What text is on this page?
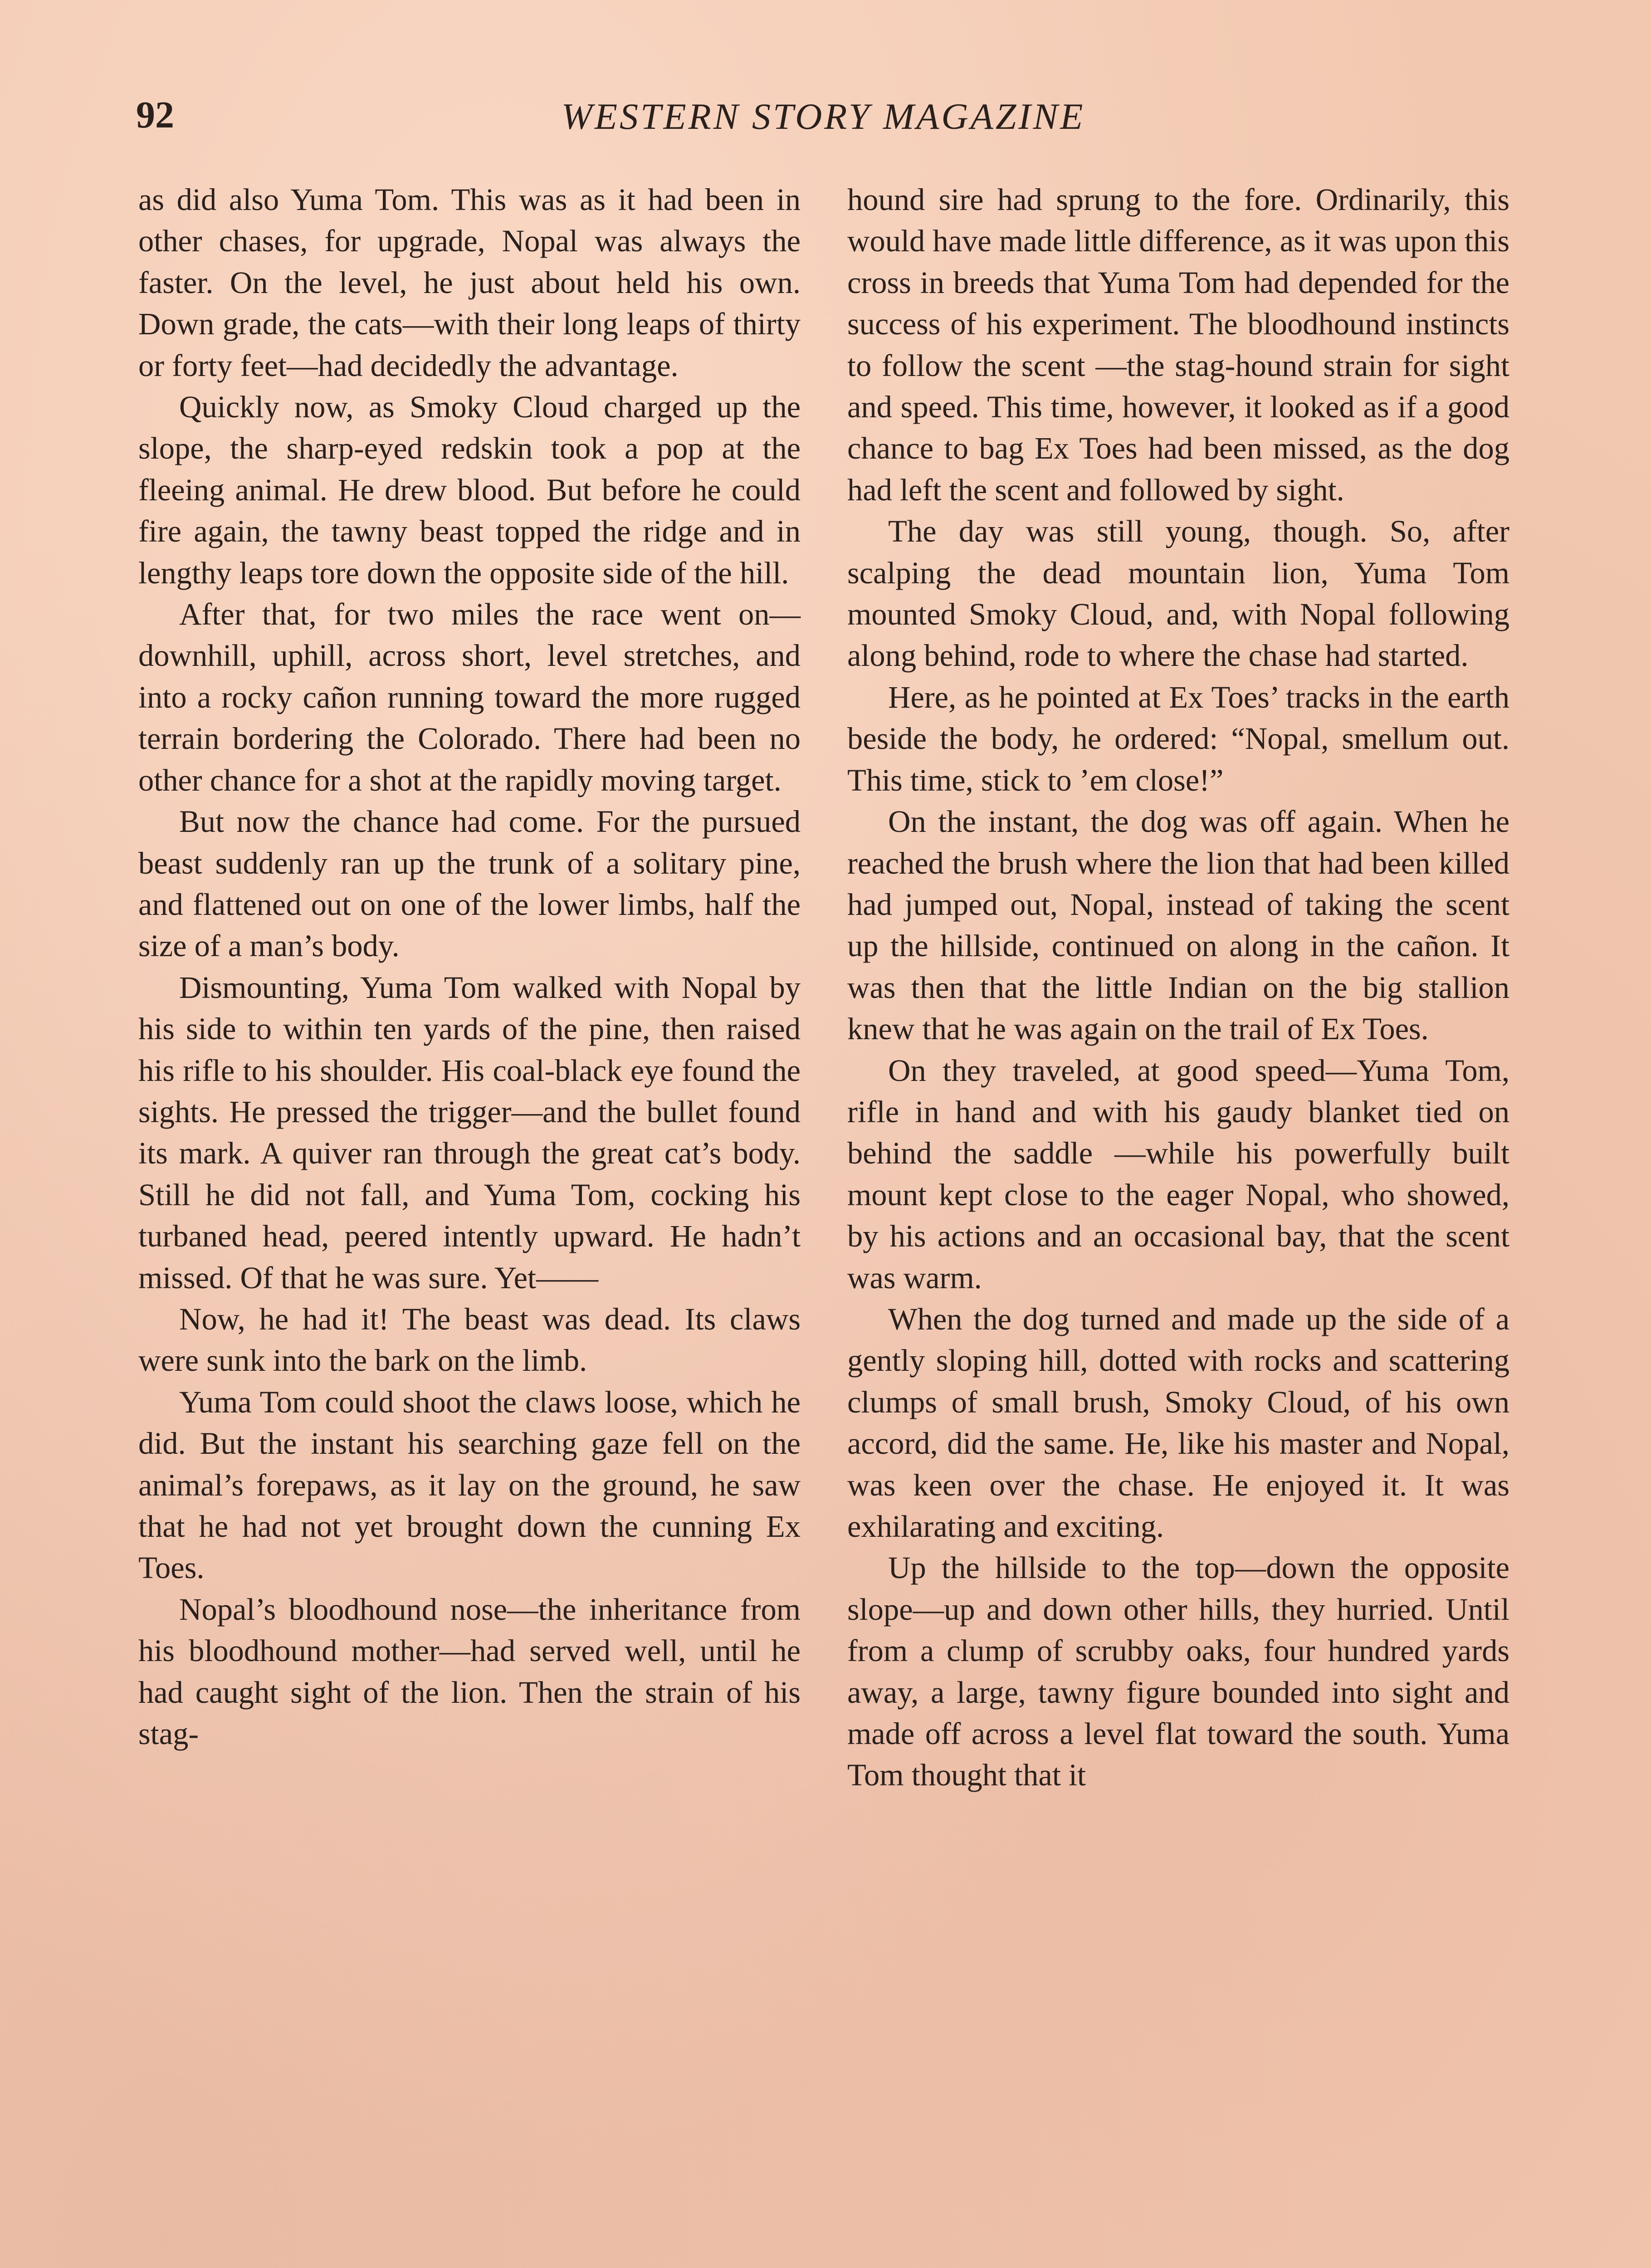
92	WESTERN STORY MAGAZINE

as did also Yuma Tom. This was as it had been in other chases, for upgrade, Nopal was always the faster. On the level, he just about held his own. Down grade, the cats—with their long leaps of thirty or forty feet—had decidedly the advantage.

Quickly now, as Smoky Cloud charged up the slope, the sharp-eyed redskin took a pop at the fleeing animal. He drew blood. But before he could fire again, the tawny beast topped the ridge and in lengthy leaps tore down the opposite side of the hill.

After that, for two miles the race went on—downhill, uphill, across short, level stretches, and into a rocky cañon running toward the more rugged terrain bordering the Colorado. There had been no other chance for a shot at the rapidly moving target.

But now the chance had come. For the pursued beast suddenly ran up the trunk of a solitary pine, and flattened out on one of the lower limbs, half the size of a man’s body.

Dismounting, Yuma Tom walked with Nopal by his side to within ten yards of the pine, then raised his rifle to his shoulder. His coal-black eye found the sights. He pressed the trigger—and the bullet found its mark. A quiver ran through the great cat’s body. Still he did not fall, and Yuma Tom, cocking his turbaned head, peered intently upward. He hadn’t missed. Of that he was sure. Yet——

Now, he had it! The beast was dead. Its claws were sunk into the bark on the limb.

Yuma Tom could shoot the claws loose, which he did. But the instant his searching gaze fell on the animal’s forepaws, as it lay on the ground, he saw that he had not yet brought down the cunning Ex Toes.

Nopal’s bloodhound nose—the inheritance from his bloodhound mother—had served well, until he had caught sight of the lion. Then the strain of his stag-

hound sire had sprung to the fore. Ordinarily, this would have made little difference, as it was upon this cross in breeds that Yuma Tom had depended for the success of his experiment. The bloodhound instincts to follow the scent —the stag-hound strain for sight and speed. This time, however, it looked as if a good chance to bag Ex Toes had been missed, as the dog had left the scent and followed by sight.

The day was still young, though. So, after scalping the dead mountain lion, Yuma Tom mounted Smoky Cloud, and, with Nopal following along behind, rode to where the chase had started.

Here, as he pointed at Ex Toes’ tracks in the earth beside the body, he ordered: “Nopal, smellum out. This time, stick to ’em close!”

On the instant, the dog was off again. When he reached the brush where the lion that had been killed had jumped out, Nopal, instead of taking the scent up the hillside, continued on along in the cañon. It was then that the little Indian on the big stallion knew that he was again on the trail of Ex Toes.

On they traveled, at good speed—Yuma Tom, rifle in hand and with his gaudy blanket tied on behind the saddle —while his powerfully built mount kept close to the eager Nopal, who showed, by his actions and an occasional bay, that the scent was warm.

When the dog turned and made up the side of a gently sloping hill, dotted with rocks and scattering clumps of small brush, Smoky Cloud, of his own accord, did the same. He, like his master and Nopal, was keen over the chase. He enjoyed it. It was exhilarating and exciting.

Up the hillside to the top—down the opposite slope—up and down other hills, they hurried. Until from a clump of scrubby oaks, four hundred yards away, a large, tawny figure bounded into sight and made off across a level flat toward the south. Yuma Tom thought that it
